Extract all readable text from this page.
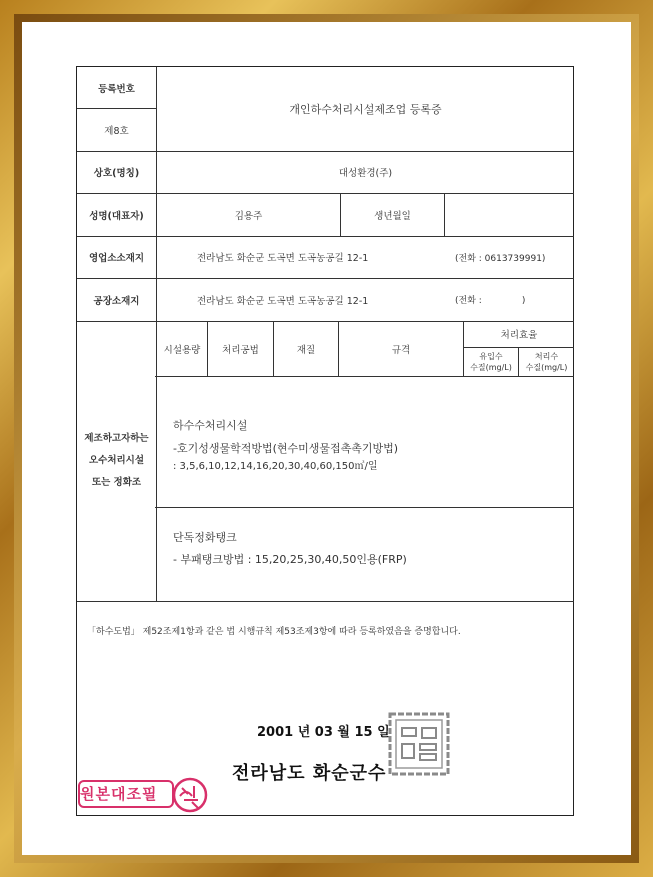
등록번호
제8호
개인하수처리시설제조업 등록증
상호(명칭)	대성환경(주)
성명(대표자)	김용주	생년월일
영업소소재지	전라남도 화순군 도곡면 도곡농공길 12-1	(전화 : 0613739991)
공장소재지	전라남도 화순군 도곡면 도곡농공길 12-1	(전화 :              )
제조하고자하는
오수처리시설
또는 정화조
시설용량	처리공법	재질	규격
처리효율
유입수
수질(mg/L)
처리수
수질(mg/L)
하수수처리시설
-호기성생물학적방법(현수미생물접촉촉기방법)
: 3,5,6,10,12,14,16,20,30,40,60,150㎥/일
단독정화탱크
- 부패탱크방법 : 15,20,25,30,40,50인용(FRP)
「하수도법」 제52조제1항과 같은 법 시행규칙 제53조제3항에 따라 등록하였음을 증명합니다.
2001 년 03 월 15 일
전라남도 화순군수
원본대조필
